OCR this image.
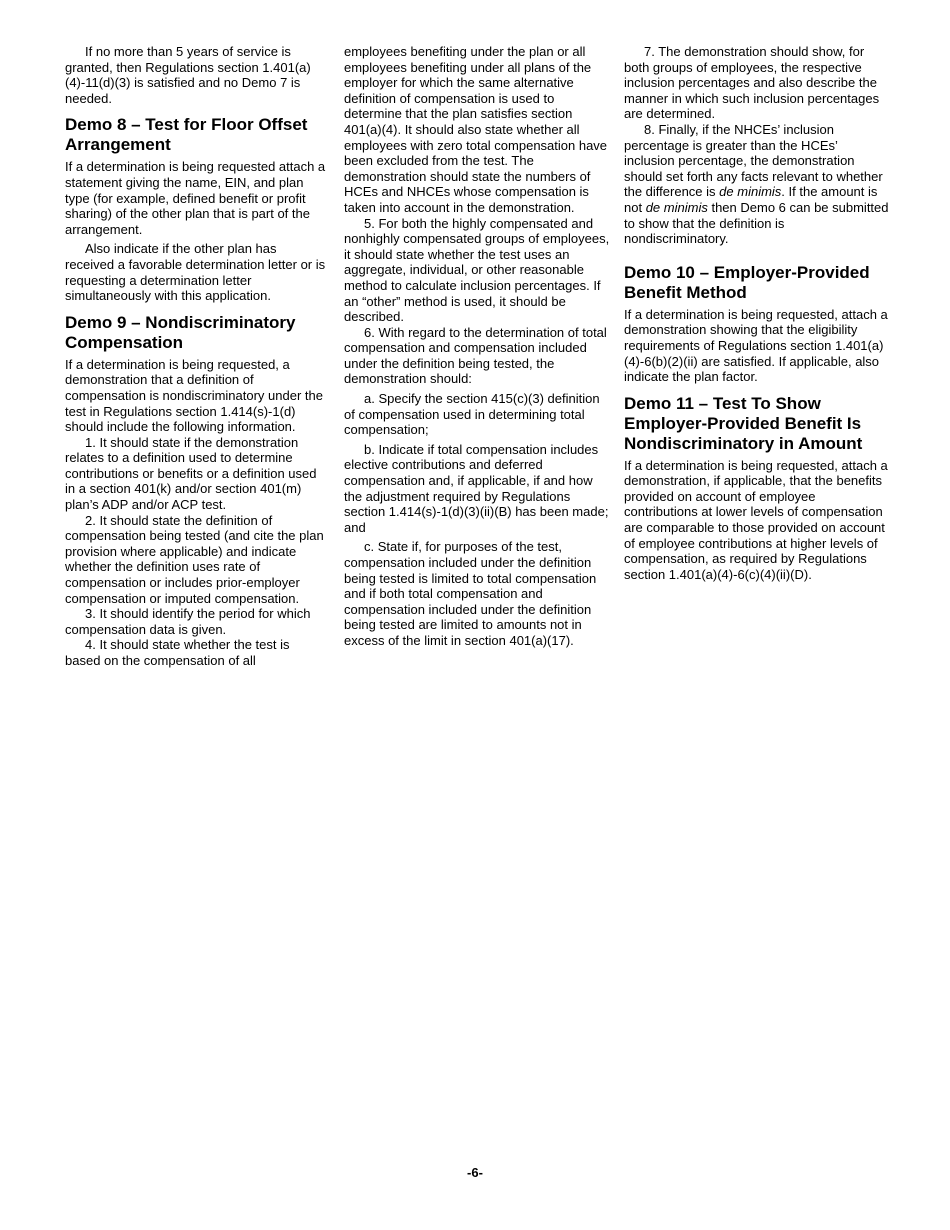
If no more than 5 years of service is granted, then Regulations section 1.401(a)(4)-11(d)(3) is satisfied and no Demo 7 is needed.

Demo 8 – Test for Floor Offset Arrangement

If a determination is being requested attach a statement giving the name, EIN, and plan type (for example, defined benefit or profit sharing) of the other plan that is part of the arrangement.

Also indicate if the other plan has received a favorable determination letter or is requesting a determination letter simultaneously with this application.

Demo 9 – Nondiscriminatory Compensation

If a determination is being requested, a demonstration that a definition of compensation is nondiscriminatory under the test in Regulations section 1.414(s)-1(d) should include the following information.

1. It should state if the demonstration relates to a definition used to determine contributions or benefits or a definition used in a section 401(k) and/or section 401(m) plan’s ADP and/or ACP test.

2. It should state the definition of compensation being tested (and cite the plan provision where applicable) and indicate whether the definition uses rate of compensation or includes prior-employer compensation or imputed compensation.

3. It should identify the period for which compensation data is given.

4. It should state whether the test is based on the compensation of all

employees benefiting under the plan or all employees benefiting under all plans of the employer for which the same alternative definition of compensation is used to determine that the plan satisfies section 401(a)(4). It should also state whether all employees with zero total compensation have been excluded from the test. The demonstration should state the numbers of HCEs and NHCEs whose compensation is taken into account in the demonstration.

5. For both the highly compensated and nonhighly compensated groups of employees, it should state whether the test uses an aggregate, individual, or other reasonable method to calculate inclusion percentages. If an “other” method is used, it should be described.

6. With regard to the determination of total compensation and compensation included under the definition being tested, the demonstration should:

a. Specify the section 415(c)(3) definition of compensation used in determining total compensation;

b. Indicate if total compensation includes elective contributions and deferred compensation and, if applicable, if and how the adjustment required by Regulations section 1.414(s)-1(d)(3)(ii)(B) has been made; and

c. State if, for purposes of the test, compensation included under the definition being tested is limited to total compensation and if both total compensation and compensation included under the definition being tested are limited to amounts not in excess of the limit in section 401(a)(17).

7. The demonstration should show, for both groups of employees, the respective inclusion percentages and also describe the manner in which such inclusion percentages are determined.

8. Finally, if the NHCEs’ inclusion percentage is greater than the HCEs’ inclusion percentage, the demonstration should set forth any facts relevant to whether the difference is de minimis. If the amount is not de minimis then Demo 6 can be submitted to show that the definition is nondiscriminatory.

Demo 10 – Employer-Provided Benefit Method

If a determination is being requested, attach a demonstration showing that the eligibility requirements of Regulations section 1.401(a)(4)-6(b)(2)(ii) are satisfied. If applicable, also indicate the plan factor.

Demo 11 – Test To Show Employer-Provided Benefit Is Nondiscriminatory in Amount

If a determination is being requested, attach a demonstration, if applicable, that the benefits provided on account of employee contributions at lower levels of compensation are comparable to those provided on account of employee contributions at higher levels of compensation, as required by Regulations section 1.401(a)(4)-6(c)(4)(ii)(D).

-6-
